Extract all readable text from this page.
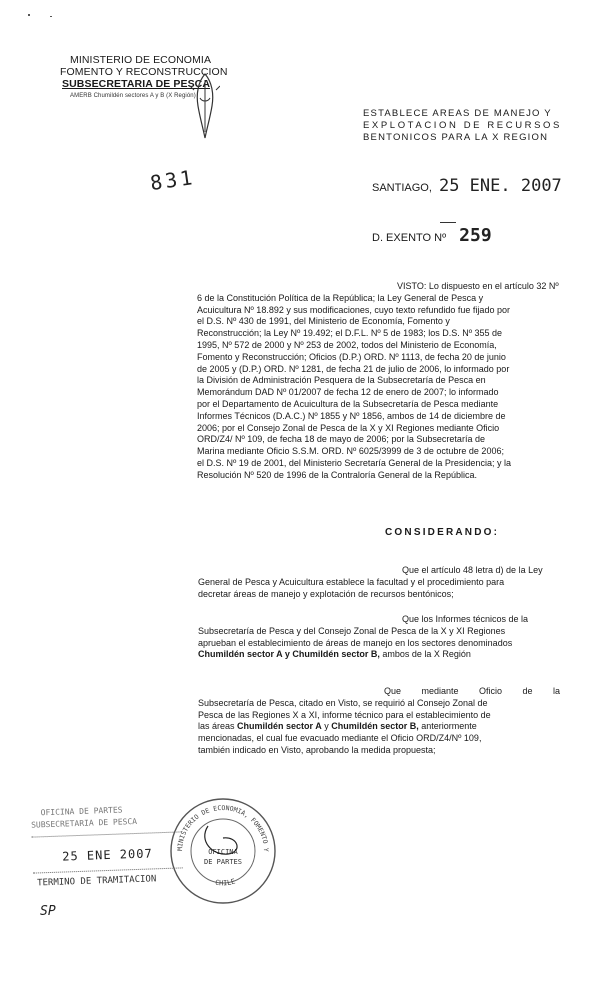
MINISTERIO DE ECONOMIA
FOMENTO Y RECONSTRUCCION
SUBSECRETARIA DE PESCA
AMERB Chumildén sectores A y B (X Región)
ESTABLECE AREAS DE MANEJO Y
EXPLOTACION DE RECURSOS
BENTONICOS PARA LA X REGION
831	SANTIAGO, 25 ENE. 2007
D. EXENTO Nº 259
VISTO: Lo dispuesto en el artículo 32 Nº
6 de la Constitución Política de la República; la Ley General de Pesca y
Acuicultura Nº 18.892 y sus modificaciones, cuyo texto refundido fue fijado por
el D.S. Nº 430 de 1991, del Ministerio de Economía, Fomento y
Reconstrucción; la Ley Nº 19.492; el D.F.L. Nº 5 de 1983; los D.S. Nº 355 de
1995, Nº 572 de 2000 y Nº 253 de 2002, todos del Ministerio de Economía,
Fomento y Reconstrucción; Oficios (D.P.) ORD. Nº 1113, de fecha 20 de junio
de 2005 y (D.P.) ORD. Nº 1281, de fecha 21 de julio de 2006, lo informado por
la División de Administración Pesquera de la Subsecretaría de Pesca en
Memorándum DAD Nº 01/2007 de fecha 12 de enero de 2007; lo informado
por el Departamento de Acuicultura de la Subsecretaría de Pesca mediante
Informes Técnicos (D.A.C.) Nº 1855 y Nº 1856, ambos de 14 de diciembre de
2006; por el Consejo Zonal de Pesca de la X y XI Regiones mediante Oficio
ORD/Z4/ Nº 109, de fecha 18 de mayo de 2006; por la Subsecretaría de
Marina mediante Oficio S.S.M. ORD. Nº 6025/3999 de 3 de octubre de 2006;
el D.S. Nº 19 de 2001, del Ministerio Secretaría General de la Presidencia; y la
Resolución Nº 520 de 1996 de la Contraloría General de la República.
CONSIDERANDO:
Que el artículo 48 letra d) de la Ley
General de Pesca y Acuicultura establece la facultad y el procedimiento para
decretar áreas de manejo y explotación de recursos bentónicos;
Que los Informes técnicos de la
Subsecretaría de Pesca y del Consejo Zonal de Pesca de la X y XI Regiones
aprueban el establecimiento de áreas de manejo en los sectores denominados
Chumildén sector A y Chumildén sector B, ambos de la X Región
Que mediante Oficio de la
Subsecretaría de Pesca, citado en Visto, se requirió al Consejo Zonal de
Pesca de las Regiones X a XI, informe técnico para el establecimiento de
las áreas Chumildén sector A y Chumildén sector B, anteriormente
mencionadas, el cual fue evacuado mediante el Oficio ORD/Z4/Nº 109,
también indicado en Visto, aprobando la medida propuesta;
OFICINA DE PARTES
SUBSECRETARIA DE PESCA
25 ENE 2007
TERMINO DE TRAMITACION
MINISTERIO DE ECONOMIA, FOMENTO Y
CHILE
OFICINA
DE PARTES
SP
